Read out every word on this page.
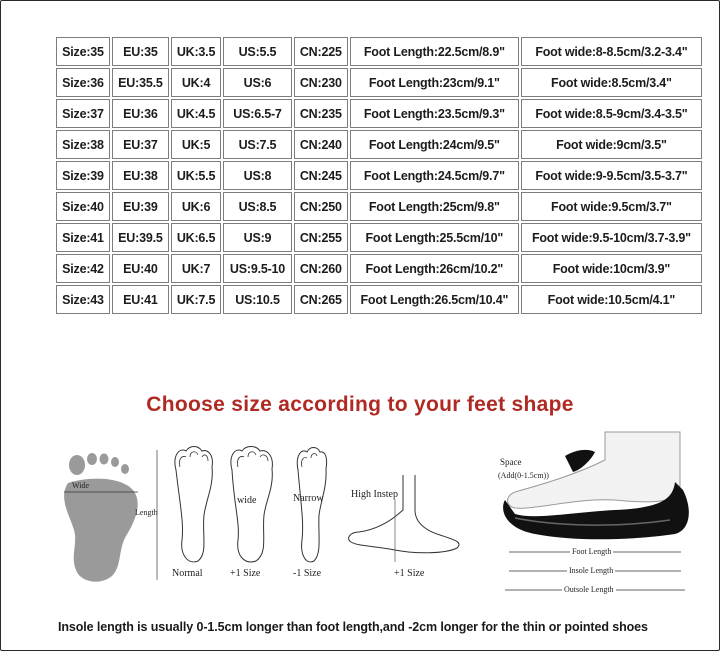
Size:35	EU:35	UK:3.5	US:5.5	CN:225	Foot Length:22.5cm/8.9"	Foot wide:8-8.5cm/3.2-3.4"
Size:36	EU:35.5	UK:4	US:6	CN:230	Foot Length:23cm/9.1"	Foot wide:8.5cm/3.4"
Size:37	EU:36	UK:4.5	US:6.5-7	CN:235	Foot Length:23.5cm/9.3"	Foot wide:8.5-9cm/3.4-3.5"
Size:38	EU:37	UK:5	US:7.5	CN:240	Foot Length:24cm/9.5"	Foot wide:9cm/3.5"
Size:39	EU:38	UK:5.5	US:8	CN:245	Foot Length:24.5cm/9.7"	Foot wide:9-9.5cm/3.5-3.7"
Size:40	EU:39	UK:6	US:8.5	CN:250	Foot Length:25cm/9.8"	Foot wide:9.5cm/3.7"
Size:41	EU:39.5	UK:6.5	US:9	CN:255	Foot Length:25.5cm/10"	Foot wide:9.5-10cm/3.7-3.9"
Size:42	EU:40	UK:7	US:9.5-10	CN:260	Foot Length:26cm/10.2"	Foot wide:10cm/3.9"
Size:43	EU:41	UK:7.5	US:10.5	CN:265	Foot Length:26.5cm/10.4"	Foot wide:10.5cm/4.1"
Choose size according to your feet shape
Wide
Length
wide	Narrow	High Instep
Normal	+1 Size	-1 Size	+1 Size
Space
(Add(0-1.5cm))
Foot Length
Insole Length
Outsole Length
Insole length is usually 0-1.5cm longer than foot length,and -2cm longer for the thin or pointed shoes
